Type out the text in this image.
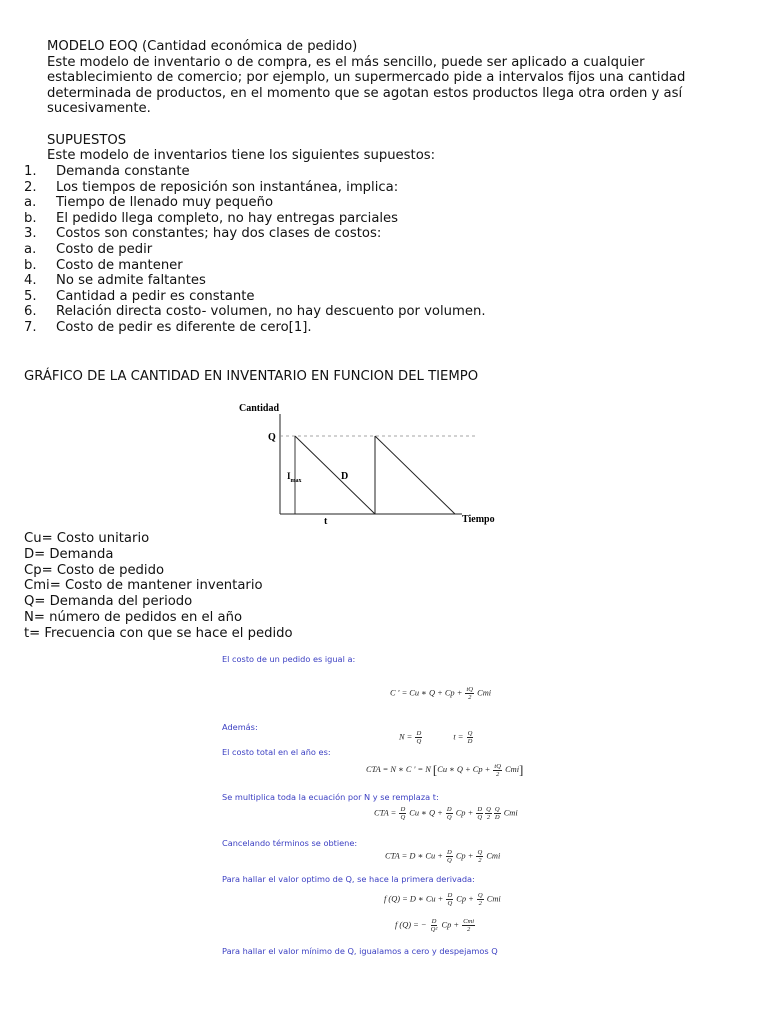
MODELO EOQ (Cantidad económica de pedido)

Este modelo de inventario o de compra, es el más sencillo, puede ser aplicado a cualquier

establecimiento de comercio; por ejemplo, un supermercado pide a intervalos fijos una cantidad

determinada de productos, en el momento que se agotan estos productos llega otra orden y así

sucesivamente.

SUPUESTOS

Este modelo de inventarios tiene los siguientes supuestos:

1.	Demanda constante
2.	Los tiempos de reposición son instantánea, implica:
a.	Tiempo de llenado muy pequeño
b.	El pedido llega completo, no hay entregas parciales
3.	Costos son constantes; hay dos clases de costos:
a.	Costo de pedir
b.	Costo de mantener
4.	No se admite faltantes
5.	Cantidad a pedir es constante
6.	Relación directa costo- volumen, no hay descuento por volumen.
7.	Costo de pedir es diferente de cero[1].
GRÁFICO DE LA CANTIDAD EN INVENTARIO EN FUNCION DEL TIEMPO
Cantidad
Q
$I_{max}$	D
t	Tiempo
Cu= Costo unitario
D= Demanda
Cp= Costo de pedido
Cmi= Costo de mantener inventario
Q= Demanda del periodo
N= número de pedidos en el año
t= Frecuencia con que se hace el pedido
El costo de un pedido es igual a:
C ' = Cu ∗ $Q + Cp + \frac{tQ}{2}$ Cmi
Además:
$N = \frac{D}{Q}$	$t = \frac{Q}{D}$
El costo total en el año es:
CTA = N ∗ C ' = N [Cu ∗ $Q + Cp + \frac{tQ}{2} Cmi$]
Se multiplica toda la ecuación por N y se remplaza t:
CTA = $\frac{D}{Q}$ Cu ∗ $Q + \frac{D}{Q}$ $Cp + \frac{D}{Q} \frac{Q}{2} \frac{Q}{D}$ Cmi
Cancelando términos se obtiene:
CTA = D ∗ $Cu + \frac{D}{Q}$ $Cp + \frac{Q}{2}$ Cmi
Para hallar el valor optimo de Q, se hace la primera derivada:
f (Q) = D ∗ $Cu + \frac{D}{Q}$ $Cp + \frac{Q}{2}$ Cmi
f (Q) = − $\frac{D}{\text{Q²}}$ $Cp + \frac{\text{Cmi}}{2}$
Para hallar el valor mínimo de Q, igualamos a cero y despejamos Q
